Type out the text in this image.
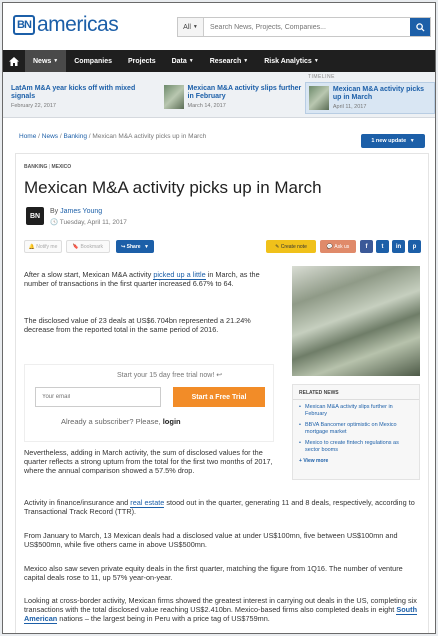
BN americas	All ▼
Search News, Projects, Companies...
News ▼ Companies Projects Data ▼ Research ▼ Risk Analytics ▼
TIMELINE
LatAm M&A year kicks off with mixed signals
February 22, 2017
Mexican M&A activity slips further in February
March 14, 2017
Mexican M&A activity picks up in March
April 11, 2017
Home / News / Banking / Mexican M&A activity picks up in March
1 new update
▼
BANKING | MEXICO
Mexican M&A activity picks up in March
BN
By James Young
🕓 Tuesday, April 11, 2017
🔔
Notify me	🔖
Bookmark	↪
Share
▼	✎
Create note	💬
Ask us	f t in p

After a slow start, Mexican M&A activity picked up a little in March, as the number of transactions in the first quarter increased 6.67% to 64.

The disclosed value of 23 deals at US$6.704bn represented a 21.24% decrease from the reported total in the same period of 2016.

Start your 15 day free trial now! ↩
Your email
Start a Free Trial
Already a subscriber? Please, login
RELATED NEWS
• Mexican M&A activity slips further in February
• BBVA Bancomer optimistic on Mexico mortgage market
• Mexico to create fintech regulations as sector booms
+ View more

Nevertheless, adding in March activity, the sum of disclosed values for the quarter reflects a strong upturn from the total for the first two months of 2017, where the annual comparison showed a 57.5% drop.

Activity in finance/insurance and real estate stood out in the quarter, generating 11 and 8 deals, respectively, according to Transactional Track Record (TTR).

From January to March, 13 Mexican deals had a disclosed value at under US$100mn, five between US$100mn and US$500mn, while five others came in above US$500mn.

Mexico also saw seven private equity deals in the first quarter, matching the figure from 1Q16. The number of venture capital deals rose to 11, up 57% year-on-year.

Looking at cross-border activity, Mexican firms showed the greatest interest in carrying out deals in the US, completing six transactions with the total disclosed value reaching US$2.410bn. Mexico-based firms also completed deals in eight South American nations – the largest being in Peru with a price tag of US$759mn.
